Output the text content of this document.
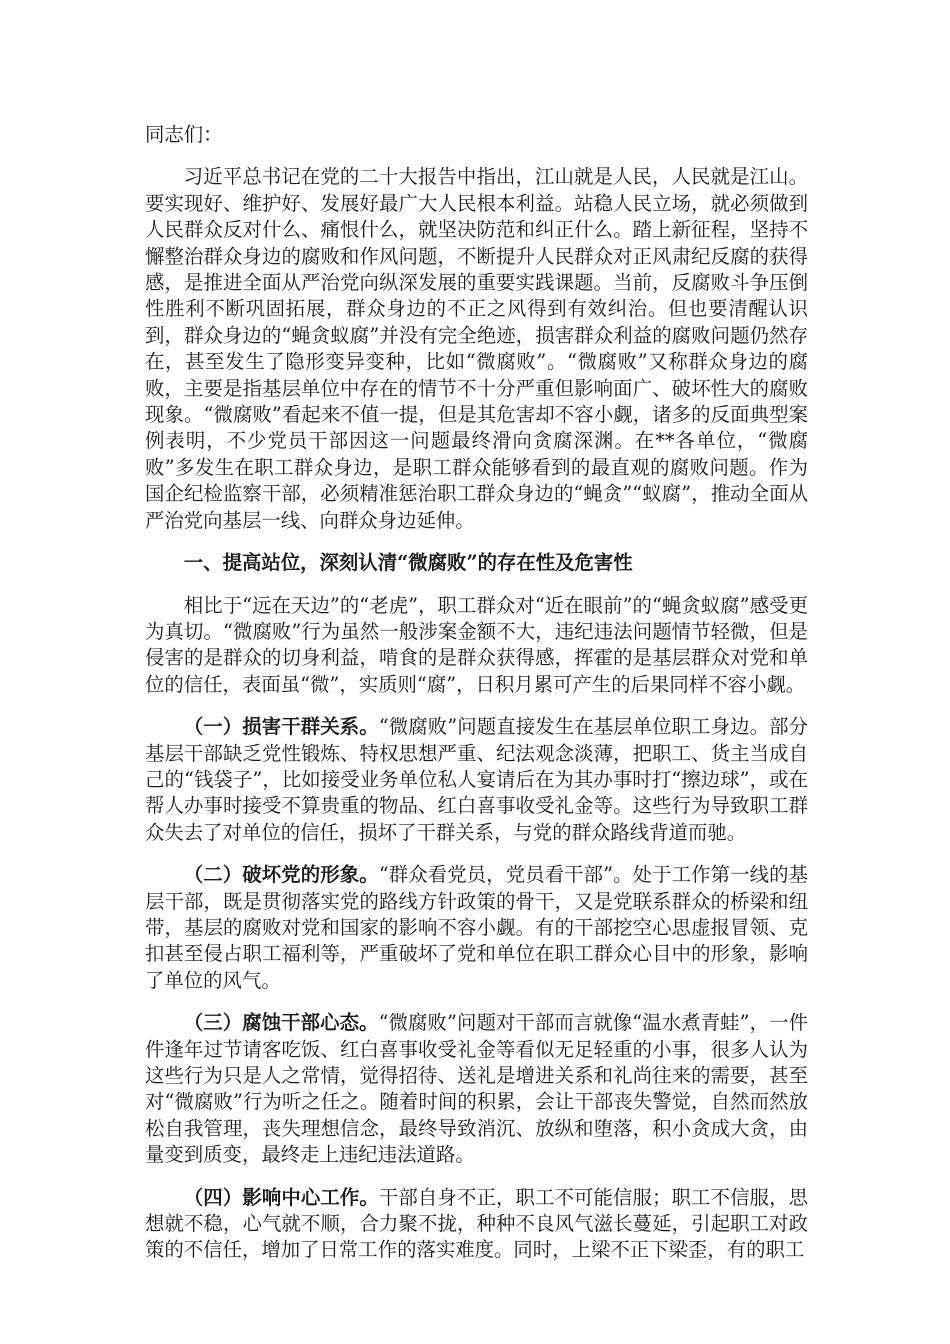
同志们：

习近平总书记在党的二十大报告中指出，江山就是人民，人民就是江山。要实现好、维护好、发展好最广大人民根本利益。站稳人民立场，就必须做到人民群众反对什么、痛恨什么，就坚决防范和纠正什么。踏上新征程，坚持不懈整治群众身边的腐败和作风问题，不断提升人民群众对正风肃纪反腐的获得感，是推进全面从严治党向纵深发展的重要实践课题。当前，反腐败斗争压倒性胜利不断巩固拓展，群众身边的不正之风得到有效纠治。但也要清醒认识到，群众身边的“蝇贪蚁腐”并没有完全绝迹，损害群众利益的腐败问题仍然存在，甚至发生了隐形变异变种，比如“微腐败”。“微腐败”又称群众身边的腐败，主要是指基层单位中存在的情节不十分严重但影响面广、破坏性大的腐败现象。“微腐败”看起来不值一提，但是其危害却不容小觑，诸多的反面典型案例表明，不少党员干部因这一问题最终滑向贪腐深渊。在**各单位，“微腐败”多发生在职工群众身边，是职工群众能够看到的最直观的腐败问题。作为国企纪检监察干部，必须精准惩治职工群众身边的“蝇贪”“蚁腐”，推动全面从严治党向基层一线、向群众身边延伸。

一、提高站位，深刻认清“微腐败”的存在性及危害性

相比于“远在天边”的“老虎”，职工群众对“近在眼前”的“蝇贪蚁腐”感受更为真切。“微腐败”行为虽然一般涉案金额不大，违纪违法问题情节轻微，但是侵害的是群众的切身利益，啃食的是群众获得感，挥霍的是基层群众对党和单位的信任，表面虽“微”，实质则“腐”，日积月累可产生的后果同样不容小觑。

（一）损害干群关系。“微腐败”问题直接发生在基层单位职工身边。部分基层干部缺乏党性锻炼、特权思想严重、纪法观念淡薄，把职工、货主当成自己的“钱袋子”，比如接受业务单位私人宴请后在为其办事时打“擦边球”，或在帮人办事时接受不算贵重的物品、红白喜事收受礼金等。这些行为导致职工群众失去了对单位的信任，损坏了干群关系，与党的群众路线背道而驰。

（二）破坏党的形象。“群众看党员，党员看干部”。处于工作第一线的基层干部，既是贯彻落实党的路线方针政策的骨干，又是党联系群众的桥梁和纽带，基层的腐败对党和国家的影响不容小觑。有的干部挖空心思虚报冒领、克扣甚至侵占职工福利等，严重破坏了党和单位在职工群众心目中的形象，影响了单位的风气。

（三）腐蚀干部心态。“微腐败”问题对干部而言就像“温水煮青蛙”，一件件逢年过节请客吃饭、红白喜事收受礼金等看似无足轻重的小事，很多人认为这些行为只是人之常情，觉得招待、送礼是增进关系和礼尚往来的需要，甚至对“微腐败”行为听之任之。随着时间的积累，会让干部丧失警觉，自然而然放松自我管理，丧失理想信念，最终导致消沉、放纵和堕落，积小贪成大贪，由量变到质变，最终走上违纪违法道路。

（四）影响中心工作。干部自身不正，职工不可能信服；职工不信服，思想就不稳，心气就不顺，合力聚不拢，种种不良风气滋长蔓延，引起职工对政策的不信任，增加了日常工作的落实难度。同时，上梁不正下梁歪，有的职工
